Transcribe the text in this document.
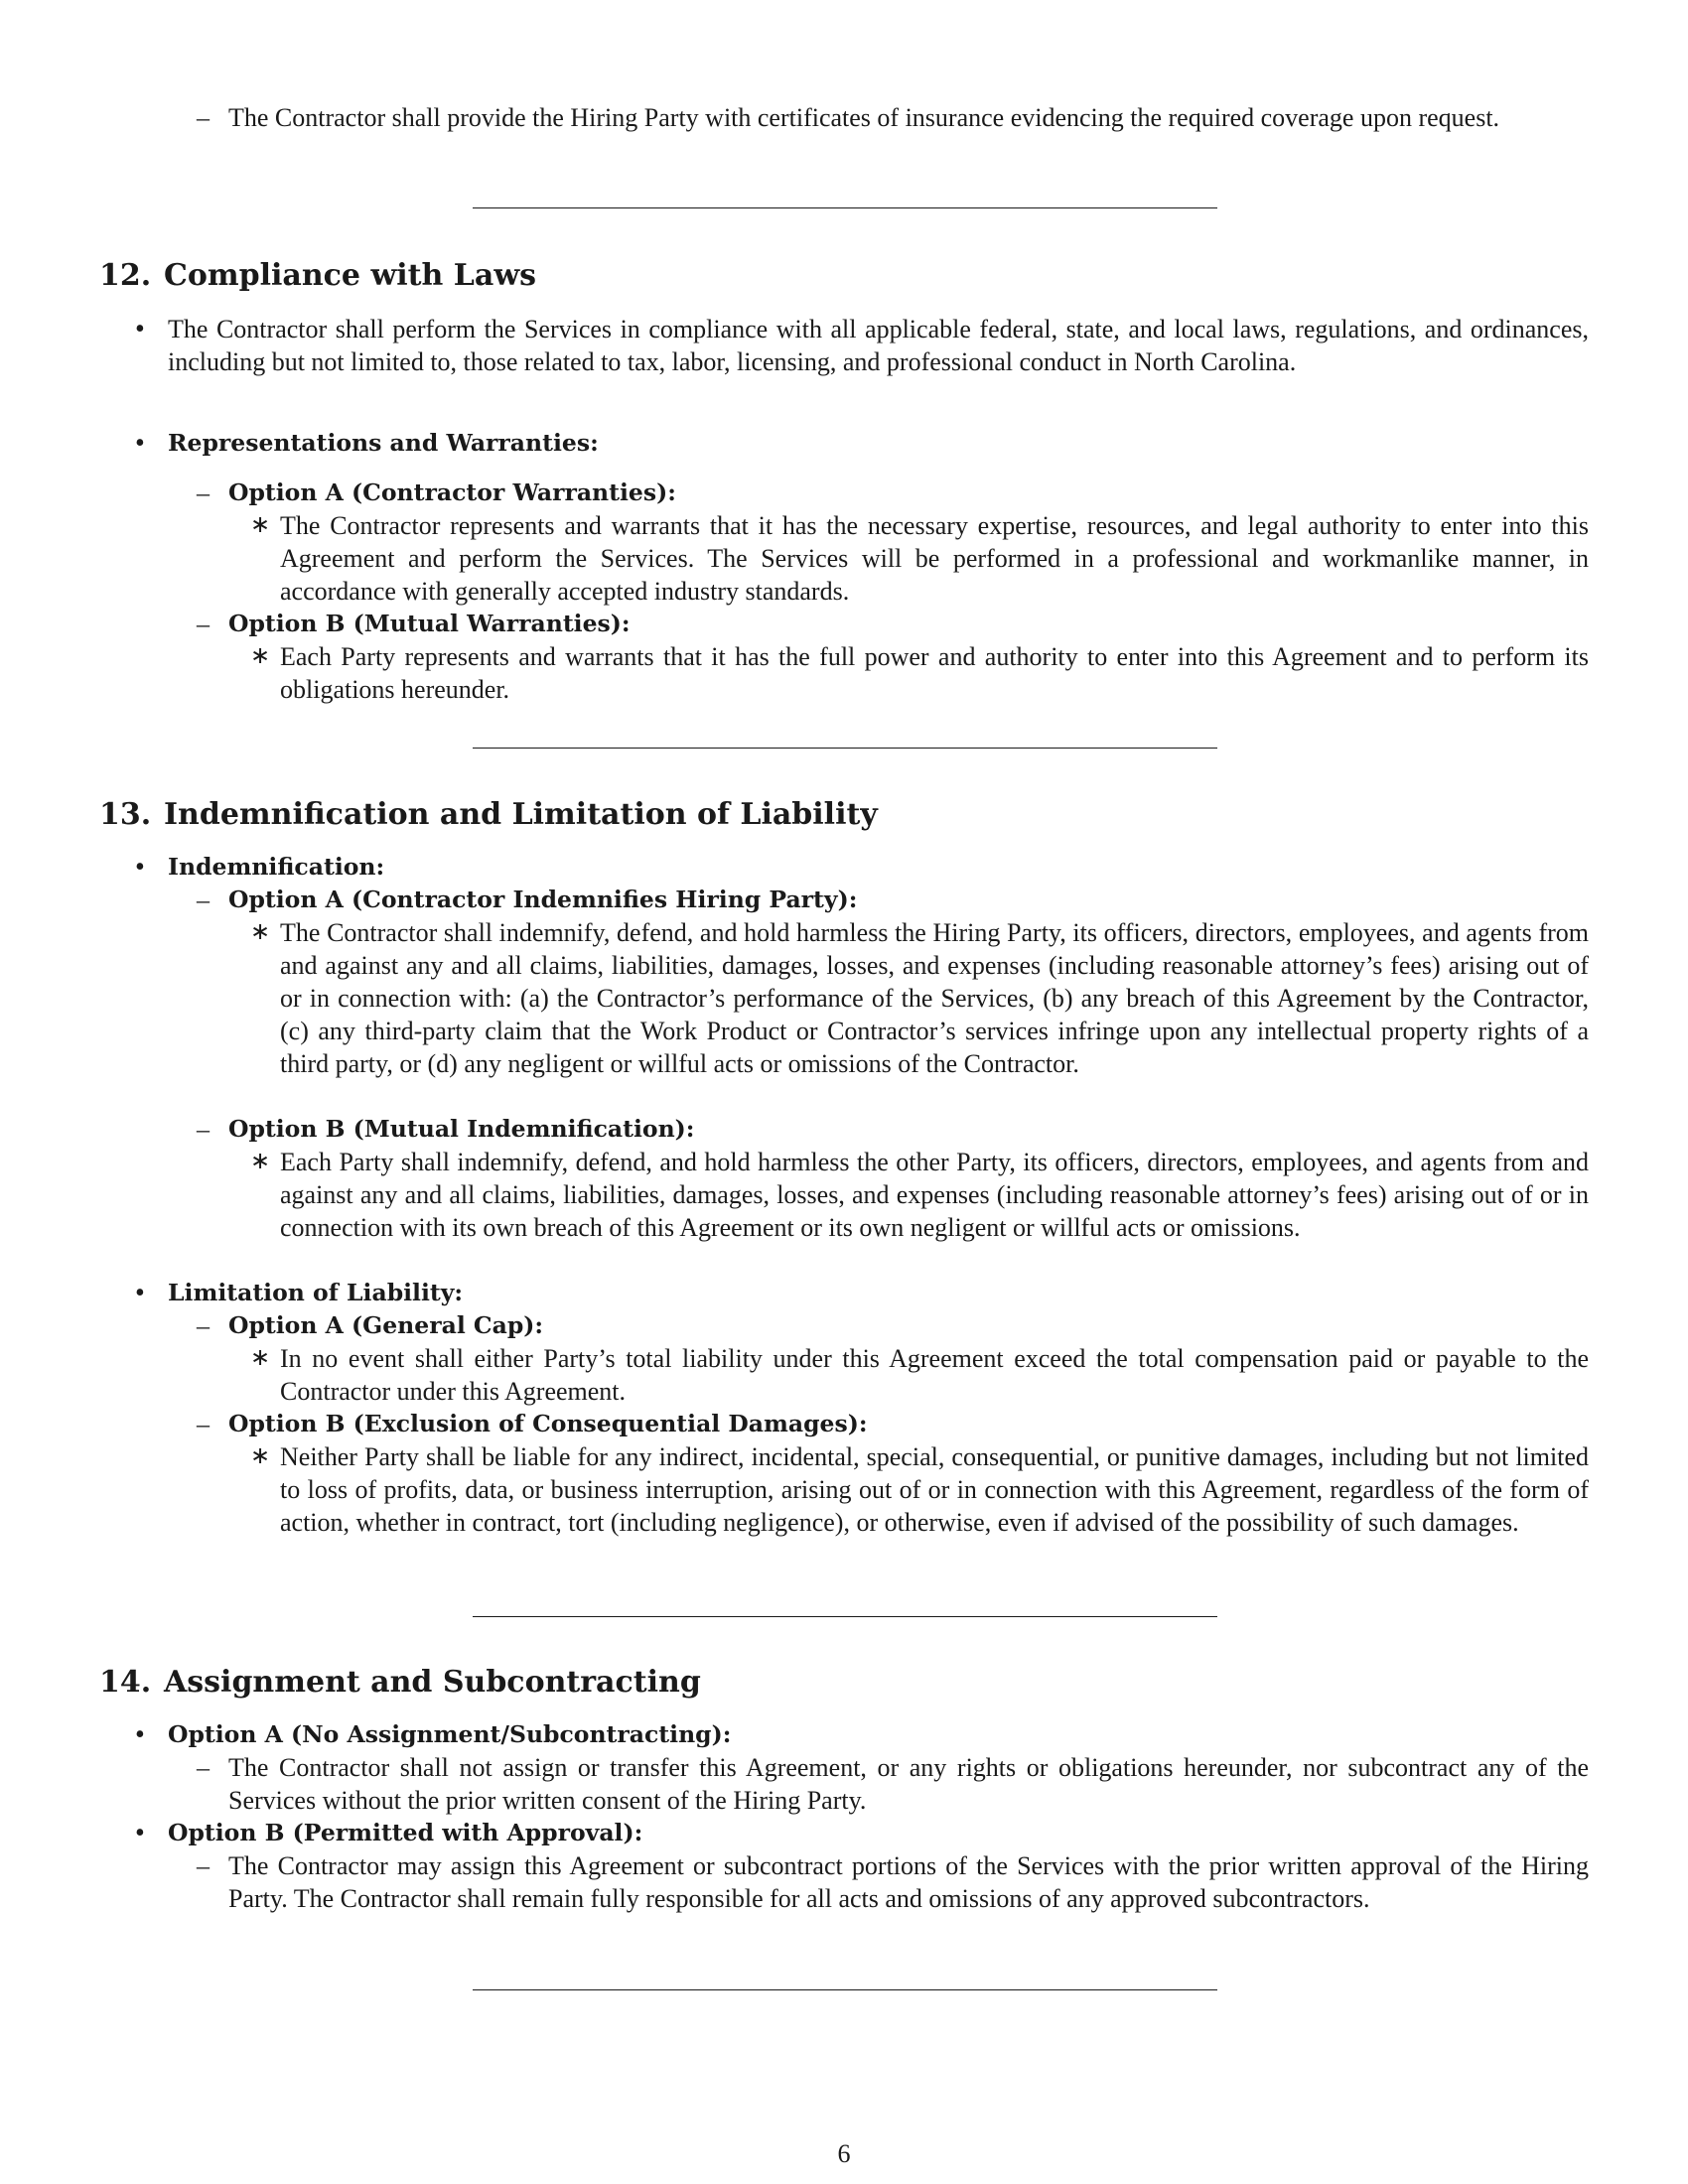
– The Contractor shall provide the Hiring Party with certificates of insurance evidencing the required coverage upon request.
12. Compliance with Laws
• The Contractor shall perform the Services in compliance with all applicable federal, state, and local laws, regulations, and ordinances, including but not limited to, those related to tax, labor, licensing, and professional conduct in North Carolina.
• Representations and Warranties:
– Option A (Contractor Warranties):
∗ The Contractor represents and warrants that it has the necessary expertise, resources, and legal authority to enter into this Agreement and perform the Services. The Services will be performed in a professional and workmanlike manner, in accordance with generally accepted industry standards.
– Option B (Mutual Warranties):
∗ Each Party represents and warrants that it has the full power and authority to enter into this Agreement and to perform its obligations hereunder.
13. Indemnification and Limitation of Liability
• Indemnification:
– Option A (Contractor Indemnifies Hiring Party):
∗ The Contractor shall indemnify, defend, and hold harmless the Hiring Party, its officers, directors, employees, and agents from and against any and all claims, liabilities, damages, losses, and expenses (including reasonable attorney’s fees) arising out of or in connection with: (a) the Contractor’s performance of the Services, (b) any breach of this Agreement by the Contractor, (c) any third-party claim that the Work Product or Contractor’s services infringe upon any intellectual property rights of a third party, or (d) any negligent or willful acts or omissions of the Contractor.
– Option B (Mutual Indemnification):
∗ Each Party shall indemnify, defend, and hold harmless the other Party, its officers, directors, employees, and agents from and against any and all claims, liabilities, damages, losses, and expenses (including reasonable attorney’s fees) arising out of or in connection with its own breach of this Agreement or its own negligent or willful acts or omissions.
• Limitation of Liability:
– Option A (General Cap):
∗ In no event shall either Party’s total liability under this Agreement exceed the total compensation paid or payable to the Contractor under this Agreement.
– Option B (Exclusion of Consequential Damages):
∗ Neither Party shall be liable for any indirect, incidental, special, consequential, or punitive damages, including but not limited to loss of profits, data, or business interruption, arising out of or in connection with this Agreement, regardless of the form of action, whether in contract, tort (including negligence), or otherwise, even if advised of the possibility of such damages.
14. Assignment and Subcontracting
• Option A (No Assignment/Subcontracting):
– The Contractor shall not assign or transfer this Agreement, or any rights or obligations hereunder, nor subcontract any of the Services without the prior written consent of the Hiring Party.
• Option B (Permitted with Approval):
– The Contractor may assign this Agreement or subcontract portions of the Services with the prior written approval of the Hiring Party. The Contractor shall remain fully responsible for all acts and omissions of any approved subcontractors.
6
